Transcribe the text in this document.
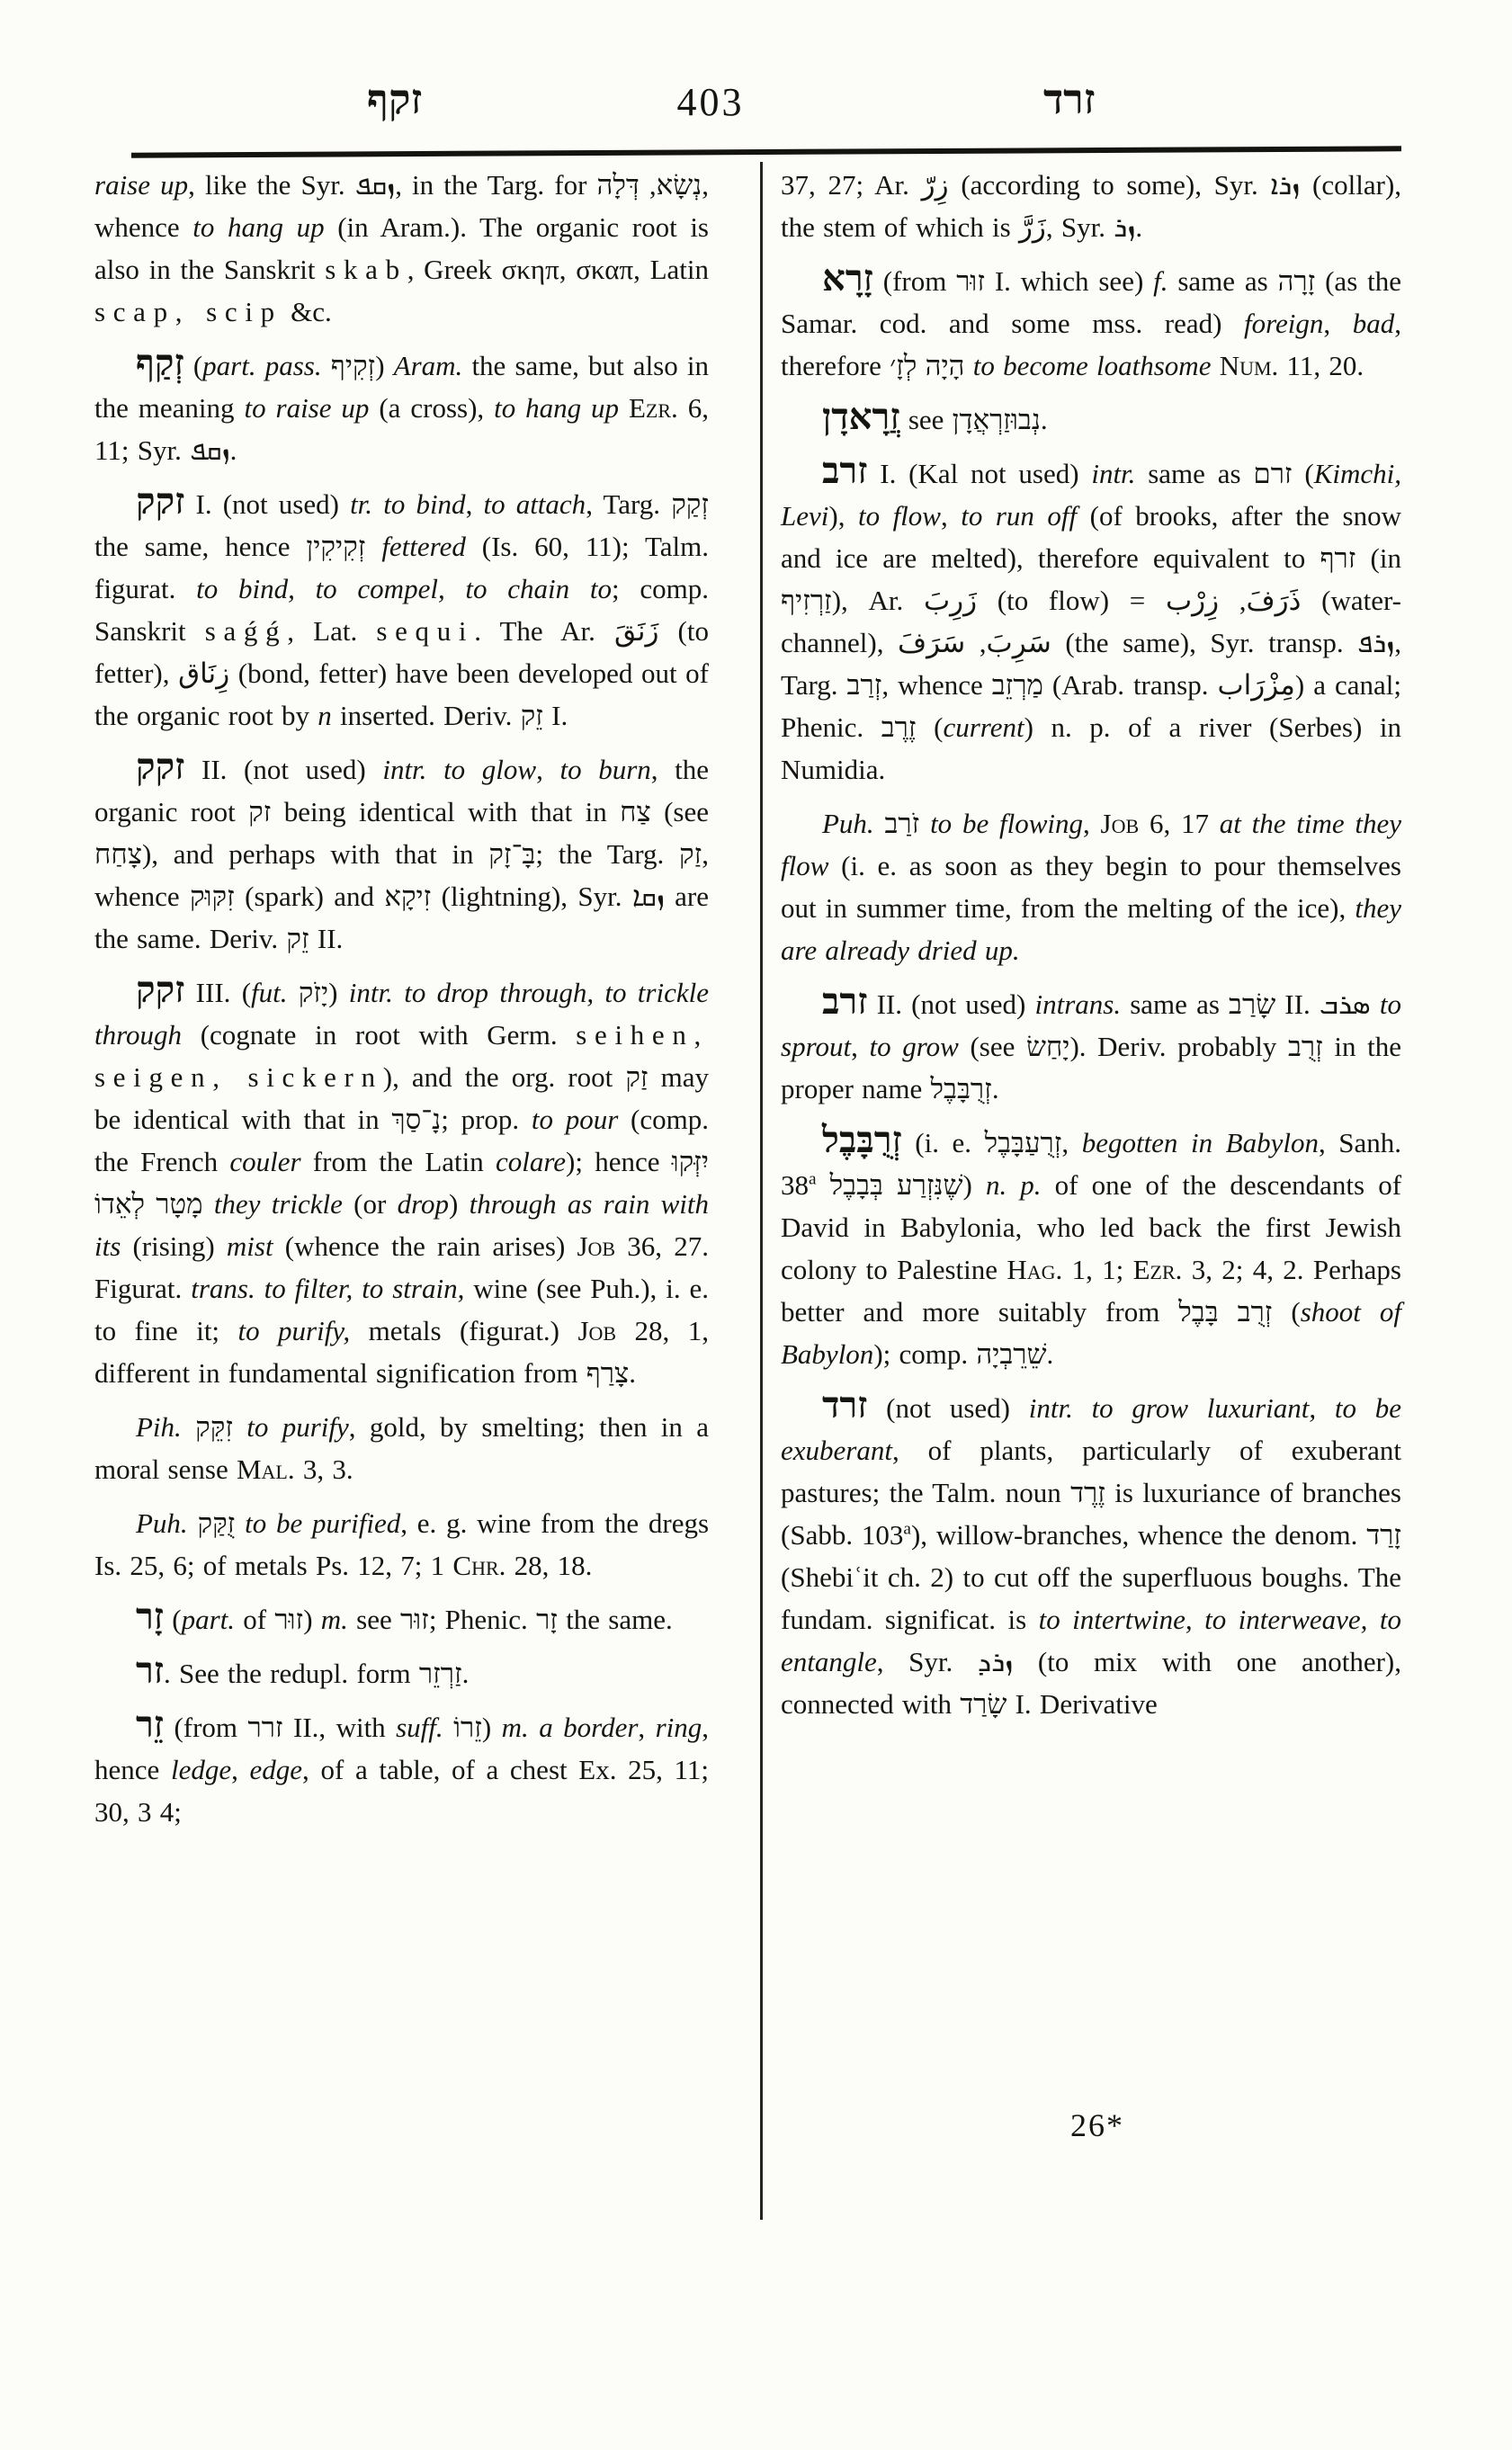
זקף	403	זרד

raise up, like the Syr. ܙܩܦ, in the Targ. for נְשָׂא, דְּלָה , whence to hang up (in Aram.). The organic root is also in the Sanskrit skab, Greek σκηπ, σκαπ, Latin scap, scip &c.

זְקַף (part. pass. זְקִיף) Aram. the same, but also in the meaning to raise up (a cross), to hang up Ezr. 6, 11; Syr. ܙܩܦ.

זקק I. (not used) tr. to bind, to attach, Targ. זְקַק the same, hence זְקִיקִין fettered (Is. 60, 11); Talm. figurat. to bind, to compel, to chain to; comp. Sanskrit saǵǵ, Lat. sequi. The Ar. زَنَقَ (to fetter), زِنَاق (bond, fetter) have been developed out of the organic root by n inserted. Deriv. זֵק I.

זקק II. (not used) intr. to glow, to burn, the organic root זק being identical with that in צַח (see צָחַח), and perhaps with that in בָּ־זָק; the Targ. זַק, whence זִקּוּק (spark) and זִיקָא (lightning), Syr. ܙܩܐ are the same. Deriv. זֵק II.

זקק III. (fut. יָזֹק) intr. to drop through, to trickle through (cognate in root with Germ. seihen, seigen, sickern), and the org. root זַק may be identical with that in נָ־סַךְ; prop. to pour (comp. the French couler from the Latin colare); hence יִזְּקוּ מָטָר לְאֵדוֹ they trickle (or drop) through as rain with its (rising) mist (whence the rain arises) Job 36, 27. Figurat. trans. to filter, to strain, wine (see Puh.), i. e. to fine it; to purify, metals (figurat.) Job 28, 1, different in fundamental signification from צָרַף.

Pih. זִקֵּק to purify, gold, by smelting; then in a moral sense Mal. 3, 3.

Puh. זֻקַּק to be purified, e. g. wine from the dregs Is. 25, 6; of metals Ps. 12, 7; 1 Chr. 28, 18.

זָר (part. of זוּר) m. see זוּר; Phenic. זָר the same.

זר. See the redupl. form זַרְזֵר.

זֵר (from זרר II., with suff. זֵרוֹ) m. a border, ring, hence ledge, edge, of a table, of a chest Ex. 25, 11; 30, 3 4;

37, 27; Ar. زِرّ (according to some), Syr. ܙܪܐ (collar), the stem of which is زَرَّ, Syr. ܙܪ.

זָרָא (from זוּר I. which see) f. same as זָרָה (as the Samar. cod. and some mss. read) foreign, bad, therefore הָיָה לְזָ׳ to become loathsome Num. 11, 20.

זֲרָאדָן see נְבוּזַרְאֲדָן.

זרב I. (Kal not used) intr. same as זרם (Kimchi, Levi), to flow, to run off (of brooks, after the snow and ice are melted), therefore equivalent to זרף (in זַרְזִיף), Ar. زَرِبَ (to flow) =	ذَرَفَ, زِرْب	(water-channel), سَرِبَ, سَرَفَ (the same), Syr. transp. ܙܪܦ, Targ. זְרַב, whence מַרְזֵב (Arab. transp. مِزْرَاب) a canal; Phenic. זֶרֶב (current) n. p. of a river (Serbes) in Numidia.

Puh. זֹרַב to be flowing, Job 6, 17 at the time they flow (i. e. as soon as they begin to pour themselves out in summer time, from the melting of the ice), they are already dried up.

זרב II. (not used) intrans. same as שָׂרַב II. ܣܪܒ to sprout, to grow (see יָחַשׂ). Deriv. probably זְרֻב in the proper name זְרֻבָּבֶל.

זְרֻבָּבֶל (i. e. זְרֻעַבָּבֶל, begotten in Babylon, Sanh. 38$^a$ שֶׁנִּזְרַע בְּבָבֶל) n. p. of one of the descendants of David in Babylonia, who led back the first Jewish colony to Palestine Hag. 1, 1; Ezr. 3, 2; 4, 2. Perhaps better and more suitably from זְרֻב בָּבֶל (shoot of Babylon); comp. שֵׁרֵבְיָה.

זרד (not used) intr. to grow luxuriant, to be exuberant, of plants, particularly of exuberant pastures; the Talm. noun זֶרֶד is luxuriance of branches (Sabb. 103$^a$), willow-branches, whence the denom. זָרַד (Shebiʿit ch. 2) to cut off the superfluous boughs. The fundam. significat. is to intertwine, to interweave, to entangle, Syr. ܙܪܕ (to mix with one another), connected with שָׂרַד I. Derivative

26*
